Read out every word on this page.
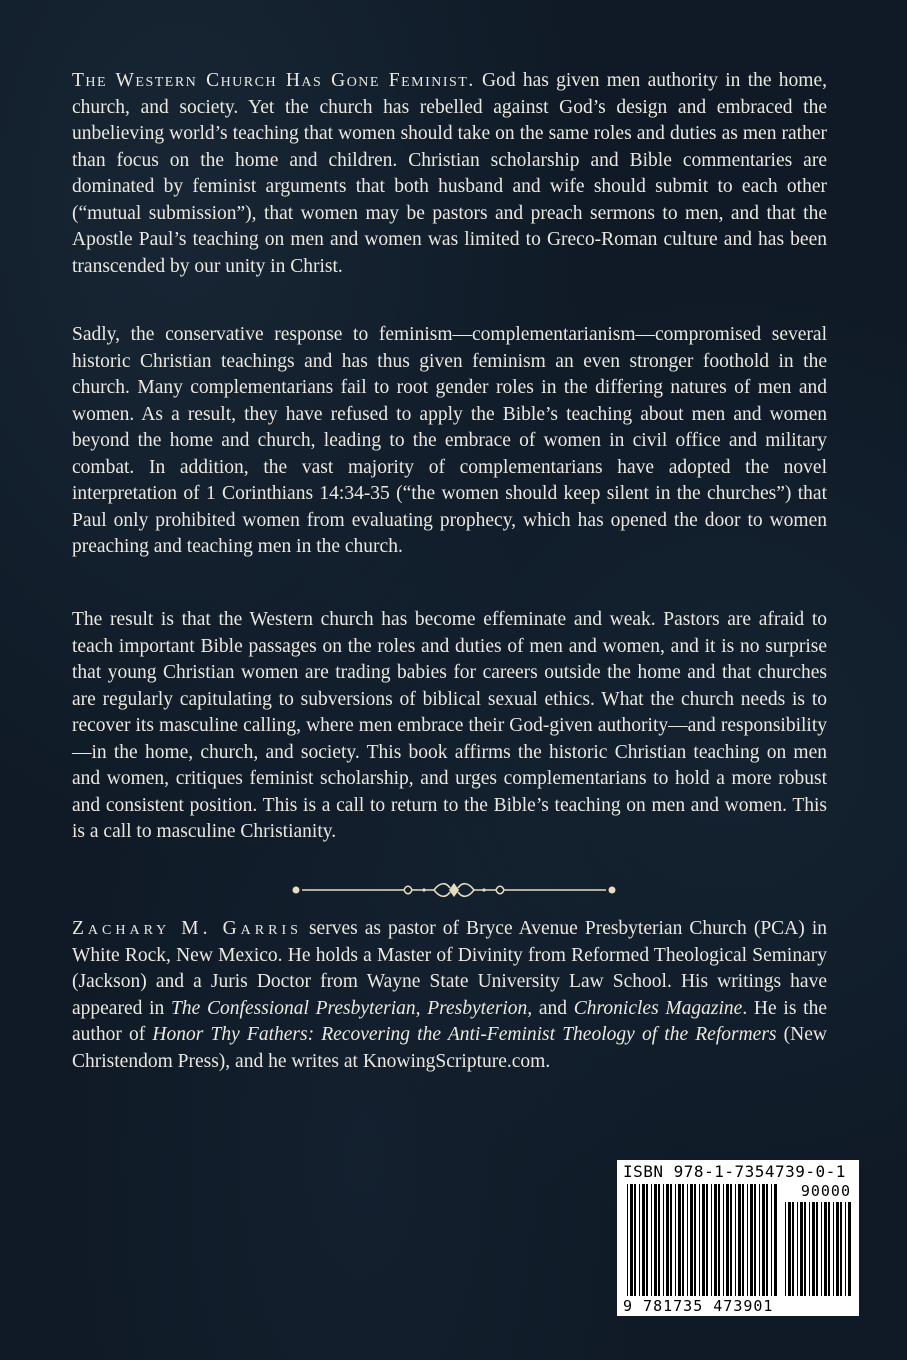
The Western Church Has Gone Feminist. God has given men authority in the home, church, and society. Yet the church has rebelled against God’s design and embraced the unbelieving world’s teaching that women should take on the same roles and duties as men rather than focus on the home and children. Christian scholarship and Bible commentaries are dominated by feminist arguments that both husband and wife should submit to each other (“mutual submission”), that women may be pastors and preach sermons to men, and that the Apostle Paul’s teaching on men and women was limited to Greco-Roman culture and has been transcended by our unity in Christ.
Sadly, the conservative response to feminism—complementarianism—compromised several historic Christian teachings and has thus given feminism an even stronger foothold in the church. Many complementarians fail to root gender roles in the differing natures of men and women. As a result, they have refused to apply the Bible’s teaching about men and women beyond the home and church, leading to the embrace of women in civil office and military combat. In addition, the vast majority of complementarians have adopted the novel interpretation of 1 Corinthians 14:34-35 (“the women should keep silent in the churches”) that Paul only prohibited women from evaluating prophecy, which has opened the door to women preaching and teaching men in the church.
The result is that the Western church has become effeminate and weak. Pastors are afraid to teach important Bible passages on the roles and duties of men and women, and it is no surprise that young Christian women are trading babies for careers outside the home and that churches are regularly capitulating to subversions of biblical sexual ethics. What the church needs is to recover its masculine calling, where men embrace their God-given authority—and responsibility—in the home, church, and society. This book affirms the historic Christian teaching on men and women, critiques feminist scholarship, and urges complementarians to hold a more robust and consistent position. This is a call to return to the Bible’s teaching on men and women. This is a call to masculine Christianity.
Zachary M. Garris serves as pastor of Bryce Avenue Presbyterian Church (PCA) in White Rock, New Mexico. He holds a Master of Divinity from Reformed Theological Seminary (Jackson) and a Juris Doctor from Wayne State University Law School. His writings have appeared in The Confessional Presbyterian, Presbyterion, and Chronicles Magazine. He is the author of Honor Thy Fathers: Recovering the Anti-Feminist Theology of the Reformers (New Christendom Press), and he writes at KnowingScripture.com.
ISBN 978-1-7354739-0-1
90000
9 781735 473901
